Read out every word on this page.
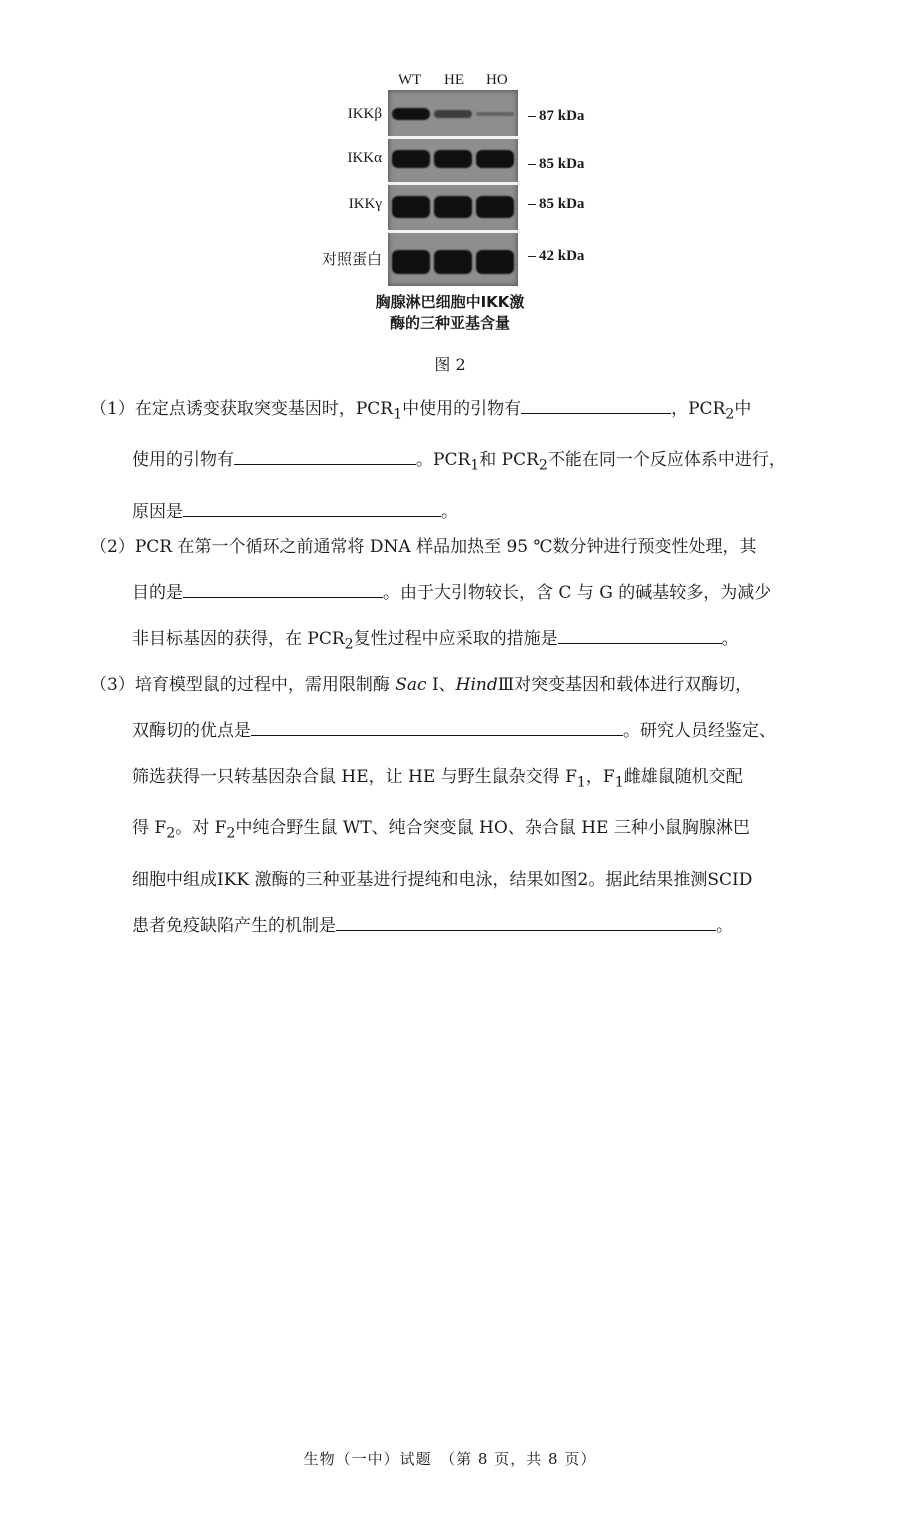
WT HE HO
IKKβ
IKKα
IKKγ
对照蛋白
87 kDa
85 kDa
85 kDa
42 kDa
胸腺淋巴细胞中IKK激
酶的三种亚基含量
图 2

（1）在定点诱变获取突变基因时，$PCR_1$中使用的引物有	，$PCR_2$中

使用的引物有	。$PCR_1$和 $PCR_2$不能在同一个反应体系中进行，

原因是	。

（2）PCR 在第一个循环之前通常将 DNA 样品加热至 95 ℃数分钟进行预变性处理，其

目的是	。由于大引物较长，含 C 与 G 的碱基较多，为减少

非目标基因的获得，在 $PCR_2$复性过程中应采取的措施是	。

（3）培育模型鼠的过程中，需用限制酶 Sac Ⅰ、HindⅢ对突变基因和载体进行双酶切，

双酶切的优点是	。研究人员经鉴定、

筛选获得一只转基因杂合鼠 HE，让 HE 与野生鼠杂交得 $F_1$，$F_1$雌雄鼠随机交配

得 $F_2$。对 $F_2$中纯合野生鼠 WT、纯合突变鼠 HO、杂合鼠 HE 三种小鼠胸腺淋巴

细胞中组成IKK 激酶的三种亚基进行提纯和电泳，结果如图2。据此结果推测SCID

患者免疫缺陷产生的机制是	。

生物（一中）试题　（第 8 页，共 8 页）
